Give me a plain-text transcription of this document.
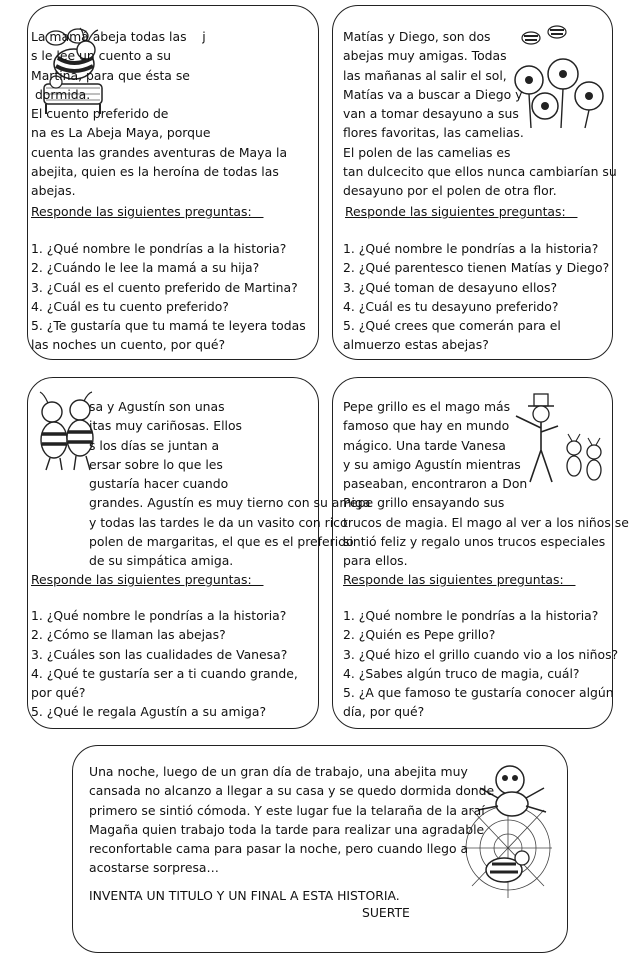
La mamá abeja todas las    j
s le lee un cuento a su
Martina, para que ésta se
dormida.
El cuento preferido de
na es La Abeja Maya, porque
cuenta las grandes aventuras de Maya la
abejita, quien es la heroína de todas las
abejas.
Responde las siguientes preguntas:
1. ¿Qué nombre le pondrías a la historia?
2. ¿Cuándo le lee la mamá a su hija?
3. ¿Cuál es el cuento preferido de Martina?
4. ¿Cuál es tu cuento preferido?
5. ¿Te gustaría que tu mamá te leyera todas
las noches un cuento, por qué?
Matías y Diego, son dos
abejas muy amigas. Todas
las mañanas al salir el sol,
Matías va a buscar a Diego y
van a tomar desayuno a sus
flores favoritas, las camelias.
El polen de las camelias es
tan dulcecito que ellos nunca cambiarían su
desayuno por el polen de otra flor.
Responde las siguientes preguntas:
1. ¿Qué nombre le pondrías a la historia?
2. ¿Qué parentesco tienen Matías y Diego?
3. ¿Qué toman de desayuno ellos?
4. ¿Cuál es tu desayuno preferido?
5. ¿Qué crees que comerán para el
almuerzo estas abejas?
sa y Agustín son unas
itas muy cariñosas. Ellos
s los días se juntan a
ersar sobre lo que les
gustaría hacer cuando
grandes. Agustín es muy tierno con su amiga
y todas las tardes le da un vasito con rico
polen de margaritas, el que es el preferido
de su simpática amiga.
Responde las siguientes preguntas:
1. ¿Qué nombre le pondrías a la historia?
2. ¿Cómo se llaman las abejas?
3. ¿Cuáles son las cualidades de Vanesa?
4. ¿Qué te gustaría ser a ti cuando grande,
por qué?
5. ¿Qué le regala Agustín a su amiga?
Pepe grillo es el mago más
famoso que hay en mundo
mágico. Una tarde Vanesa
y su amigo Agustín mientras
paseaban, encontraron a Don
Pepe grillo ensayando sus
trucos de magia. El mago al ver a los niños se
sintió feliz y regalo unos trucos especiales
para ellos.
Responde las siguientes preguntas:
1. ¿Qué nombre le pondrías a la historia?
2. ¿Quién es Pepe grillo?
3. ¿Qué hizo el grillo cuando vio a los niños?
4. ¿Sabes algún truco de magia, cuál?
5. ¿A que famoso te gustaría conocer algún
día, por qué?
Una noche, luego de un gran día de trabajo, una abejita muy
cansada no alcanzo a llegar a su casa y se quedo dormida donde
primero se sintió cómoda. Y este lugar fue la telaraña de la araí
Magaña quien trabajo toda la tarde para realizar una agradable
reconfortable cama para pasar la noche, pero cuando llego a
acostarse sorpresa…
INVENTA UN TITULO Y UN FINAL A ESTA HISTORIA.
SUERTE
